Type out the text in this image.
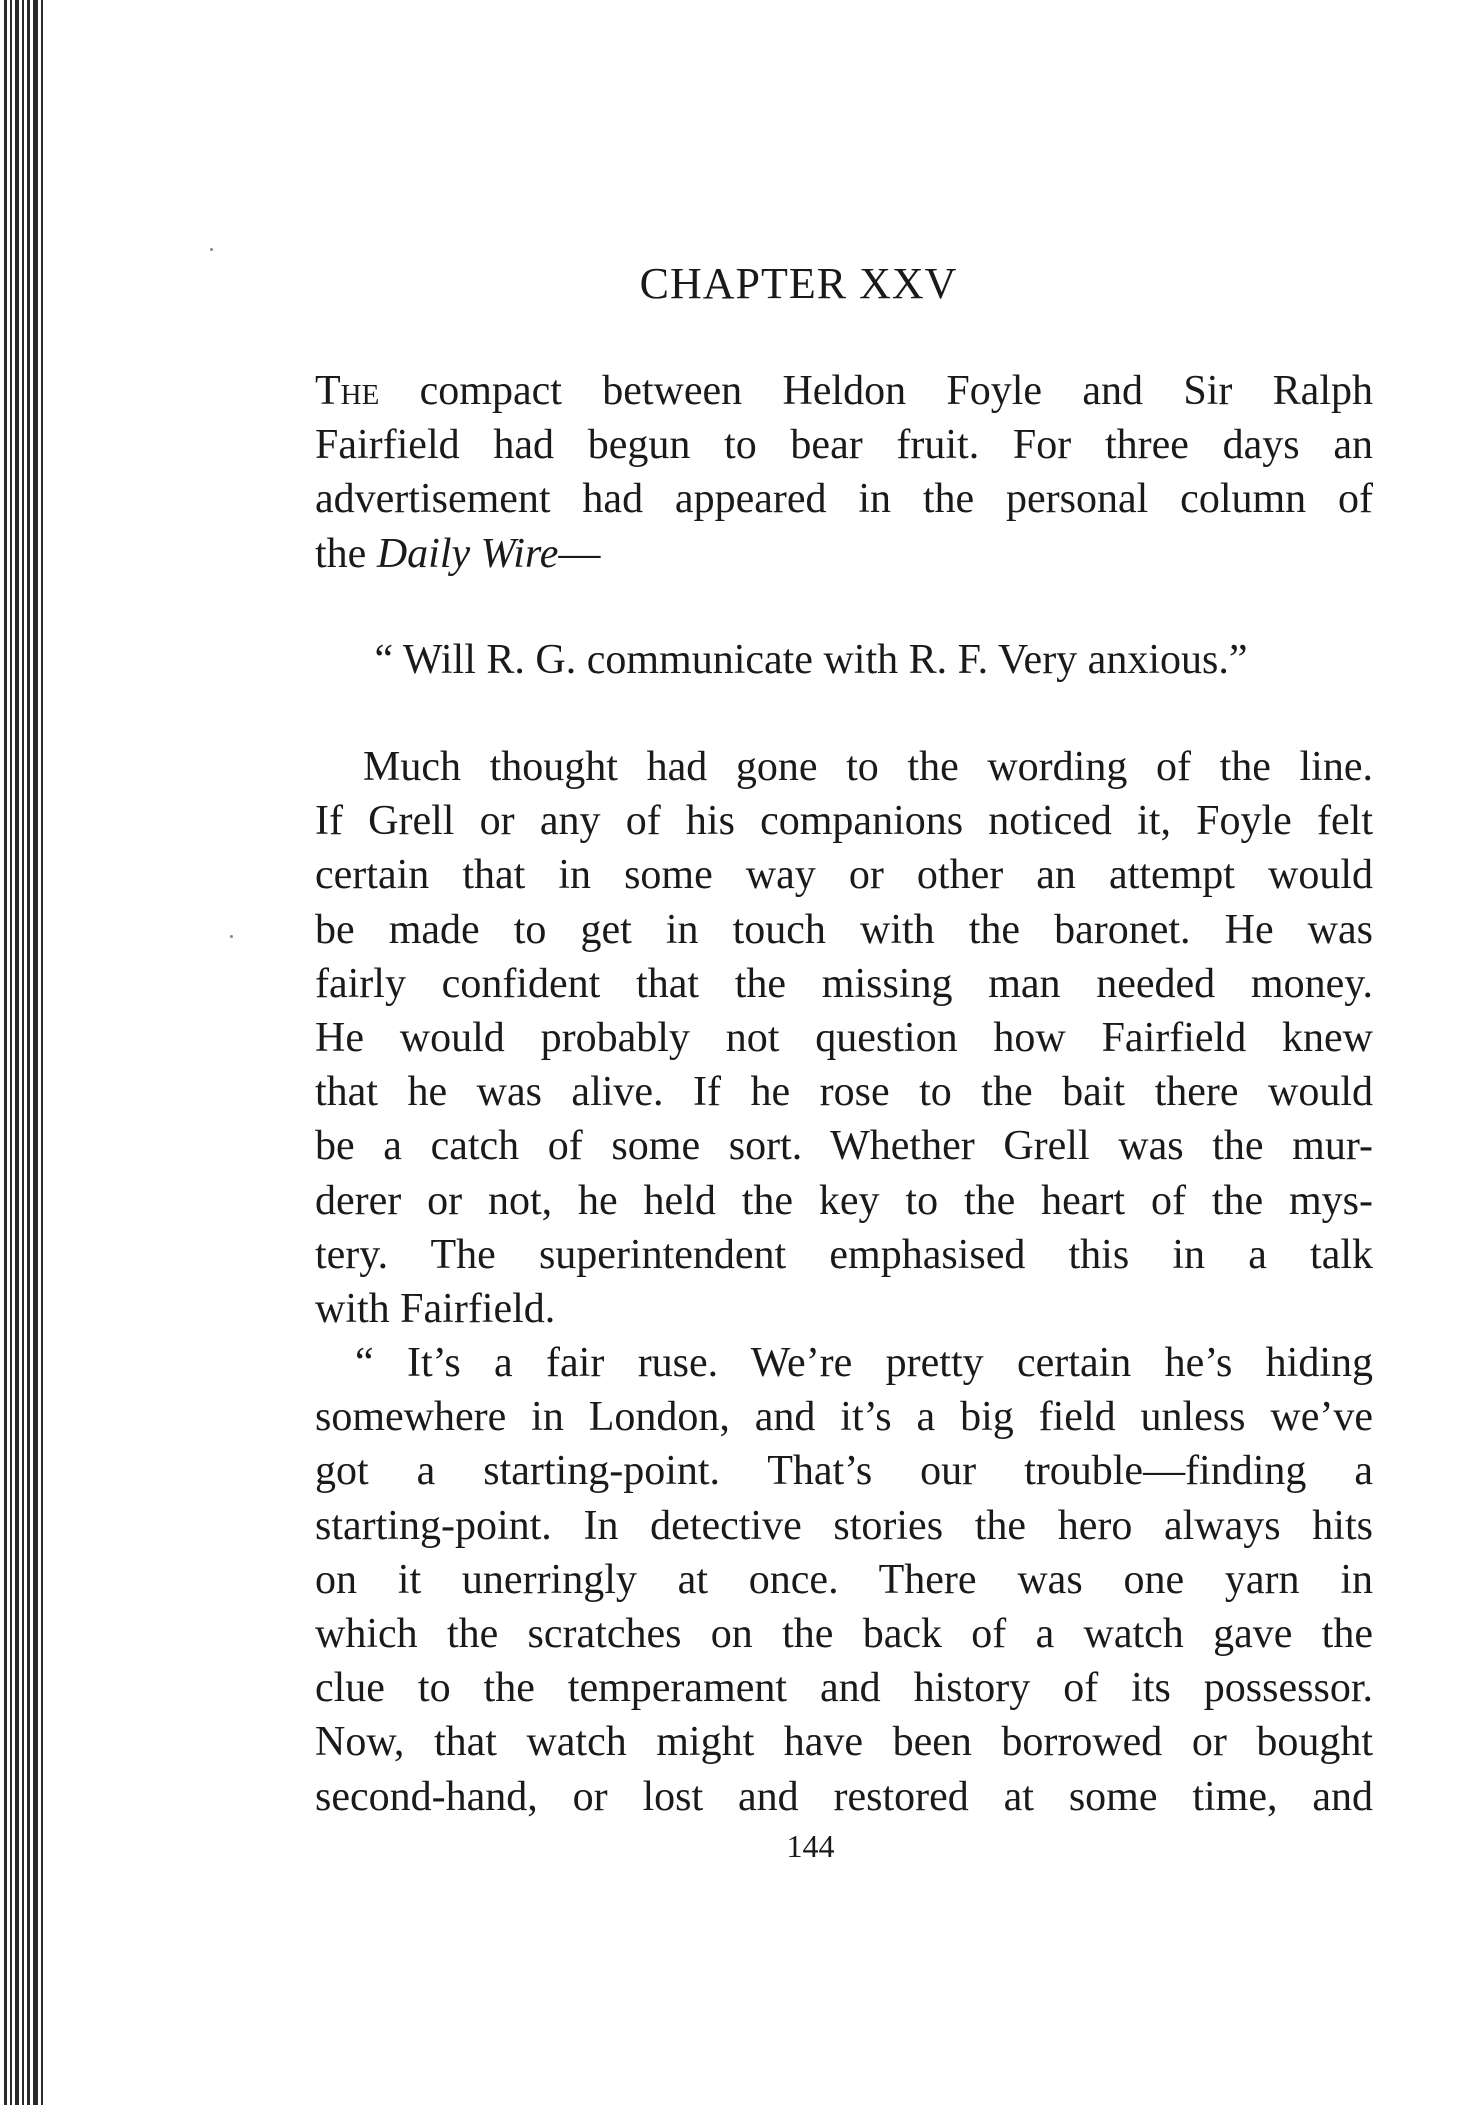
CHAPTER XXV
The compact between Heldon Foyle and Sir Ralph
Fairfield had begun to bear fruit. For three days an
advertisement had appeared in the personal column of
the Daily Wire—
“ Will R. G. communicate with R. F. Very anxious.”
Much thought had gone to the wording of the line.
If Grell or any of his companions noticed it, Foyle felt
certain that in some way or other an attempt would
be made to get in touch with the baronet. He was
fairly confident that the missing man needed money.
He would probably not question how Fairfield knew
that he was alive. If he rose to the bait there would
be a catch of some sort. Whether Grell was the mur-
derer or not, he held the key to the heart of the mys-
tery. The superintendent emphasised this in a talk
with Fairfield.
“ It’s a fair ruse. We’re pretty certain he’s hiding
somewhere in London, and it’s a big field unless we’ve
got a starting-point. That’s our trouble—finding a
starting-point. In detective stories the hero always hits
on it unerringly at once. There was one yarn in
which the scratches on the back of a watch gave the
clue to the temperament and history of its possessor.
Now, that watch might have been borrowed or bought
second-hand, or lost and restored at some time, and
144
